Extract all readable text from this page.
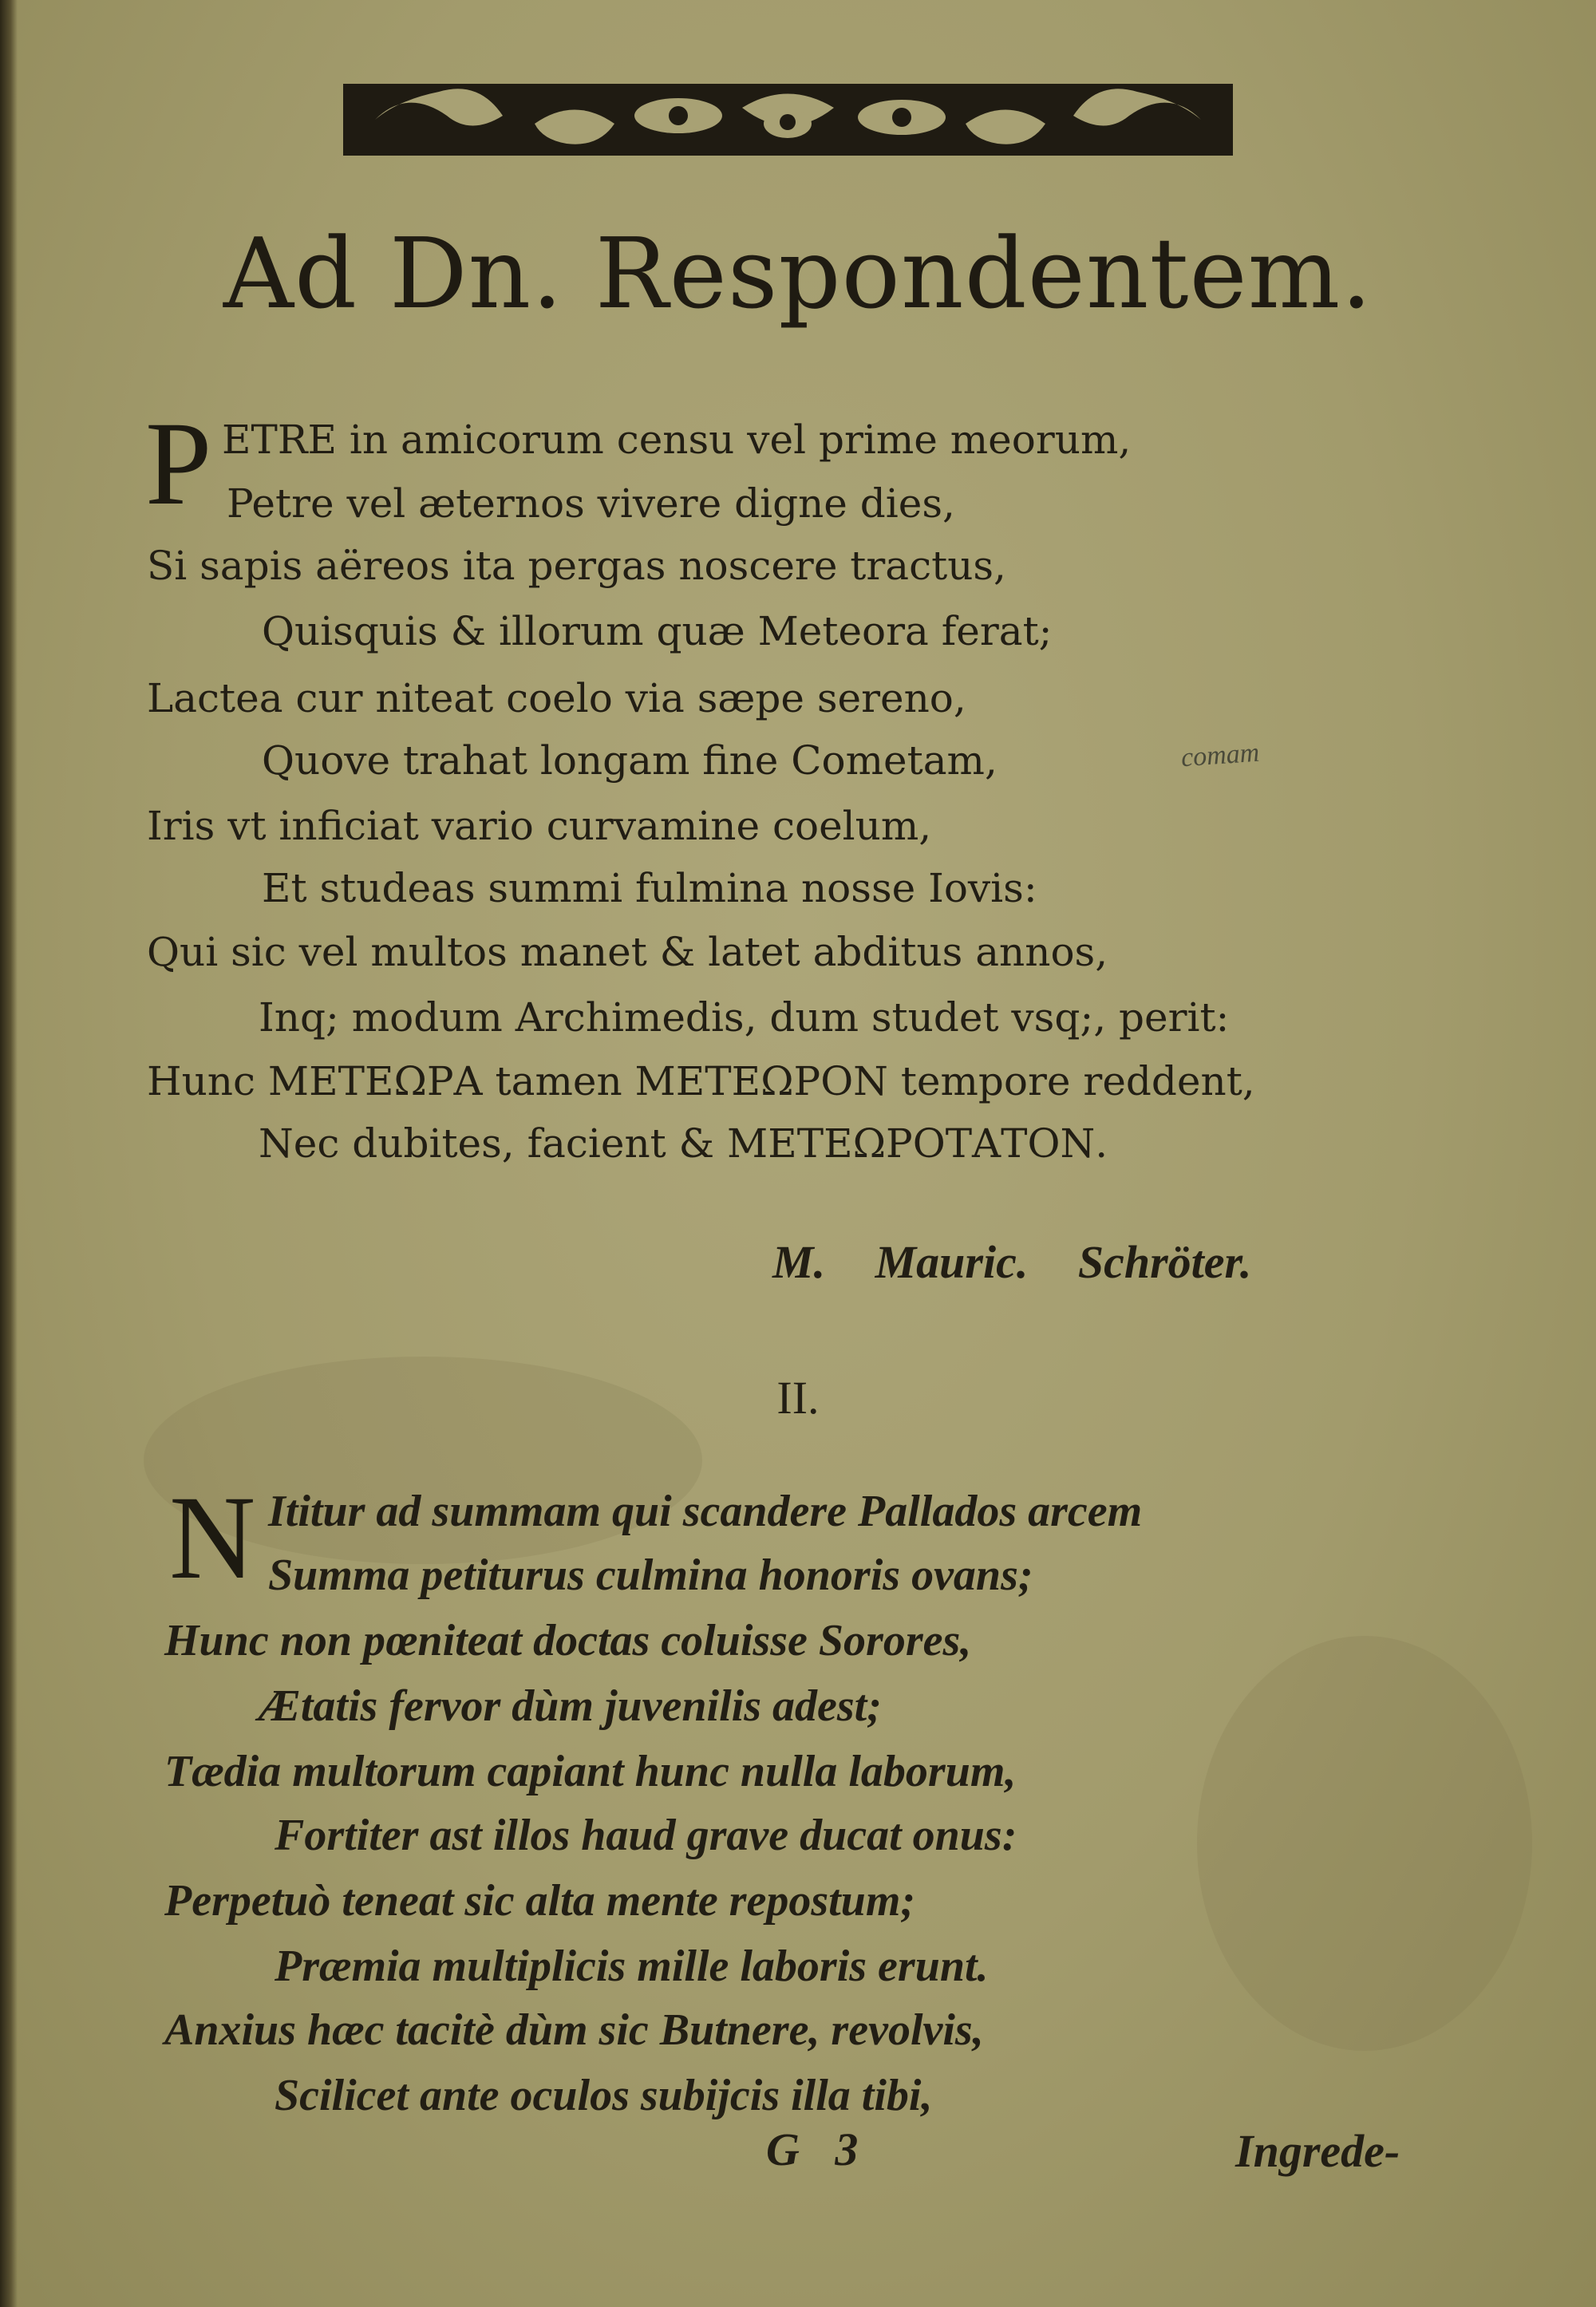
Ad Dn. Respondentem.
P ETRE in amicorum censu vel prime meorum,
Petre vel æternos vivere digne dies,
Si sapis aëreos ita pergas noscere tractus,
Quisquis & illorum quæ Meteora ferat;
Lactea cur niteat coelo via sæpe sereno,
Quove trahat longam fine Cometam,	comam
Iris vt inficiat vario curvamine coelum,
Et studeas summi fulmina nosse Iovis:
Qui sic vel multos manet & latet abditus annos,
Inq; modum Archimedis, dum studet vsq;, perit:
Hunc ΜΕΤΕΩΡΑ tamen ΜΕΤΕΩΡΟΝ tempore reddent,
Nec dubites, facient & ΜΕΤΕΩΡΟΤΑΤΟΝ.
M. Mauric. Schröter.
II.
N Ititur ad summam qui scandere Pallados arcem
Summa petiturus culmina honoris ovans;
Hunc non pœniteat doctas coluisse Sorores,
Ætatis fervor dùm juvenilis adest;
Tædia multorum capiant hunc nulla laborum,
Fortiter ast illos haud grave ducat onus:
Perpetuò teneat sic alta mente repostum;
Præmia multiplicis mille laboris erunt.
Anxius hæc tacitè dùm sic Butnere, revolvis,
Scilicet ante oculos subijcis illa tibi,
G 3	Ingrede-
